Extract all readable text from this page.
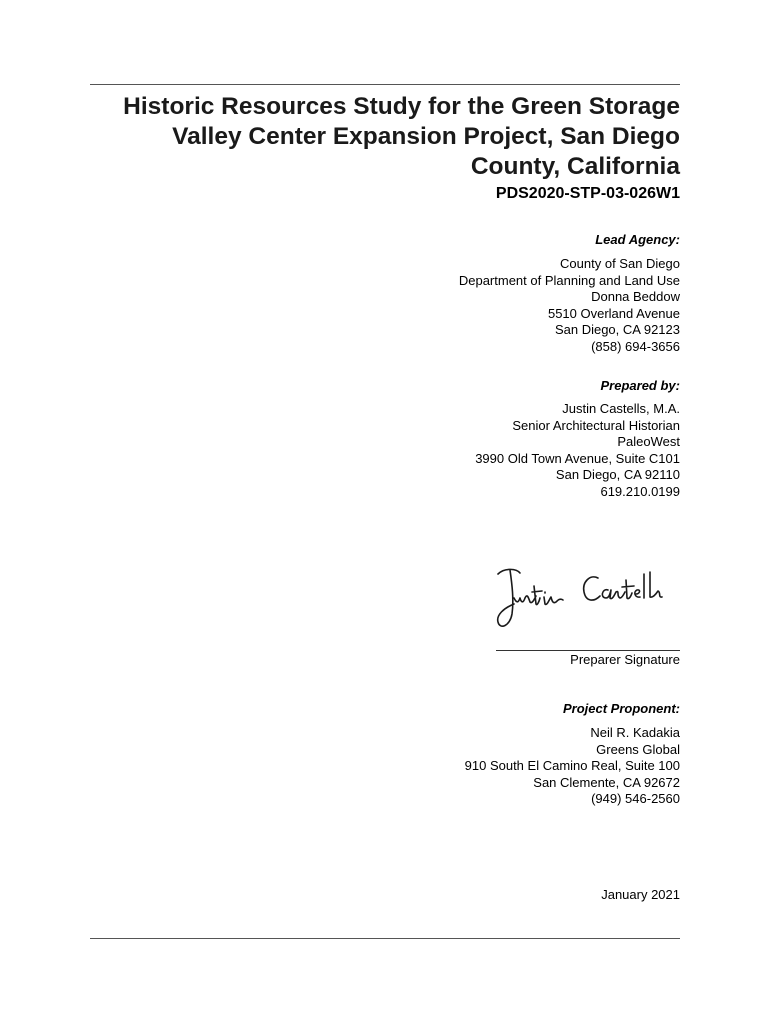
Historic Resources Study for the Green Storage
Valley Center Expansion Project, San Diego
County, California
PDS2020-STP-03-026W1
Lead Agency:
County of San Diego
Department of Planning and Land Use
Donna Beddow
5510 Overland Avenue
San Diego, CA 92123
(858) 694-3656
Prepared by:
Justin Castells, M.A.
Senior Architectural Historian
PaleoWest
3990 Old Town Avenue, Suite C101
San Diego, CA 92110
619.210.0199
Preparer Signature
Project Proponent:
Neil R. Kadakia
Greens Global
910 South El Camino Real, Suite 100
San Clemente, CA 92672
(949) 546-2560
January 2021
